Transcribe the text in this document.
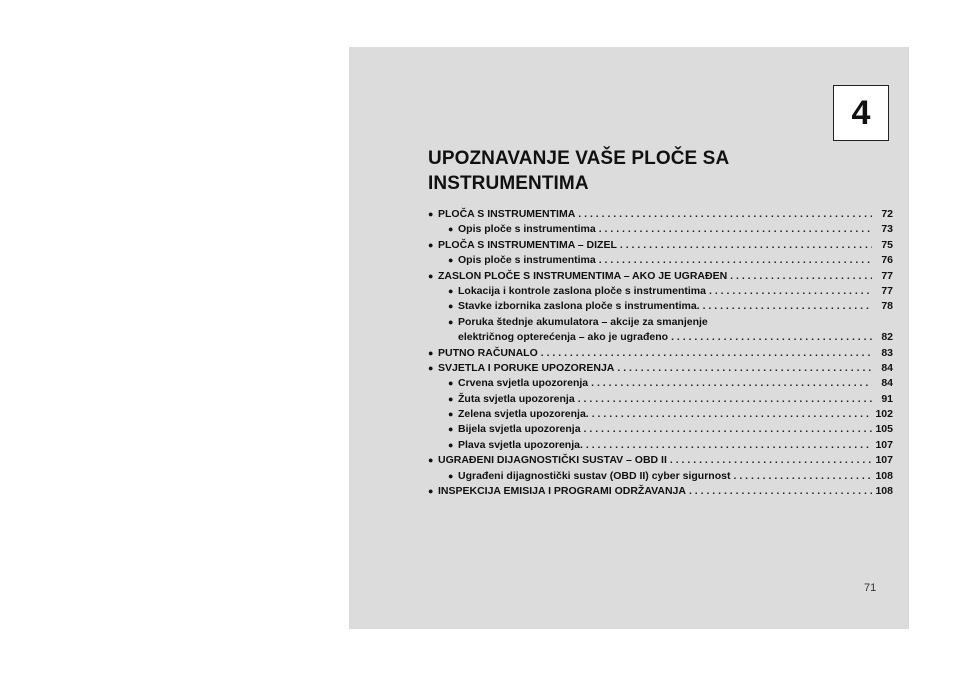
4
UPOZNAVANJE VAŠE PLOČE SA
INSTRUMENTIMA
● PLOČA S INSTRUMENTIMA . . .	72
● Opis ploče s instrumentima . . .	73
● PLOČA S INSTRUMENTIMA – DIZEL . . .	75
● Opis ploče s instrumentima . . .	76
● ZASLON PLOČE S INSTRUMENTIMA – AKO JE UGRAĐEN . . .	77
● Lokacija i kontrole zaslona ploče s instrumentima . . .	77
● Stavke izbornika zaslona ploče s instrumentima. . . .	78
● Poruka štednje akumulatora – akcije za smanjenje
električnog opterećenja – ako je ugrađeno . . .	82
● PUTNO RAČUNALO . . .	83
● SVJETLA I PORUKE UPOZORENJA . . .	84
● Crvena svjetla upozorenja . . .	84
● Žuta svjetla upozorenja . . .	91
● Zelena svjetla upozorenja. . . .	102
● Bijela svjetla upozorenja . . .	105
● Plava svjetla upozorenja. . . .	107
● UGRAĐENI DIJAGNOSTIČKI SUSTAV – OBD II . . .	107
● Ugrađeni dijagnostički sustav (OBD II) cyber sigurnost . . .	108
● INSPEKCIJA EMISIJA I PROGRAMI ODRŽAVANJA . . .	108
71
